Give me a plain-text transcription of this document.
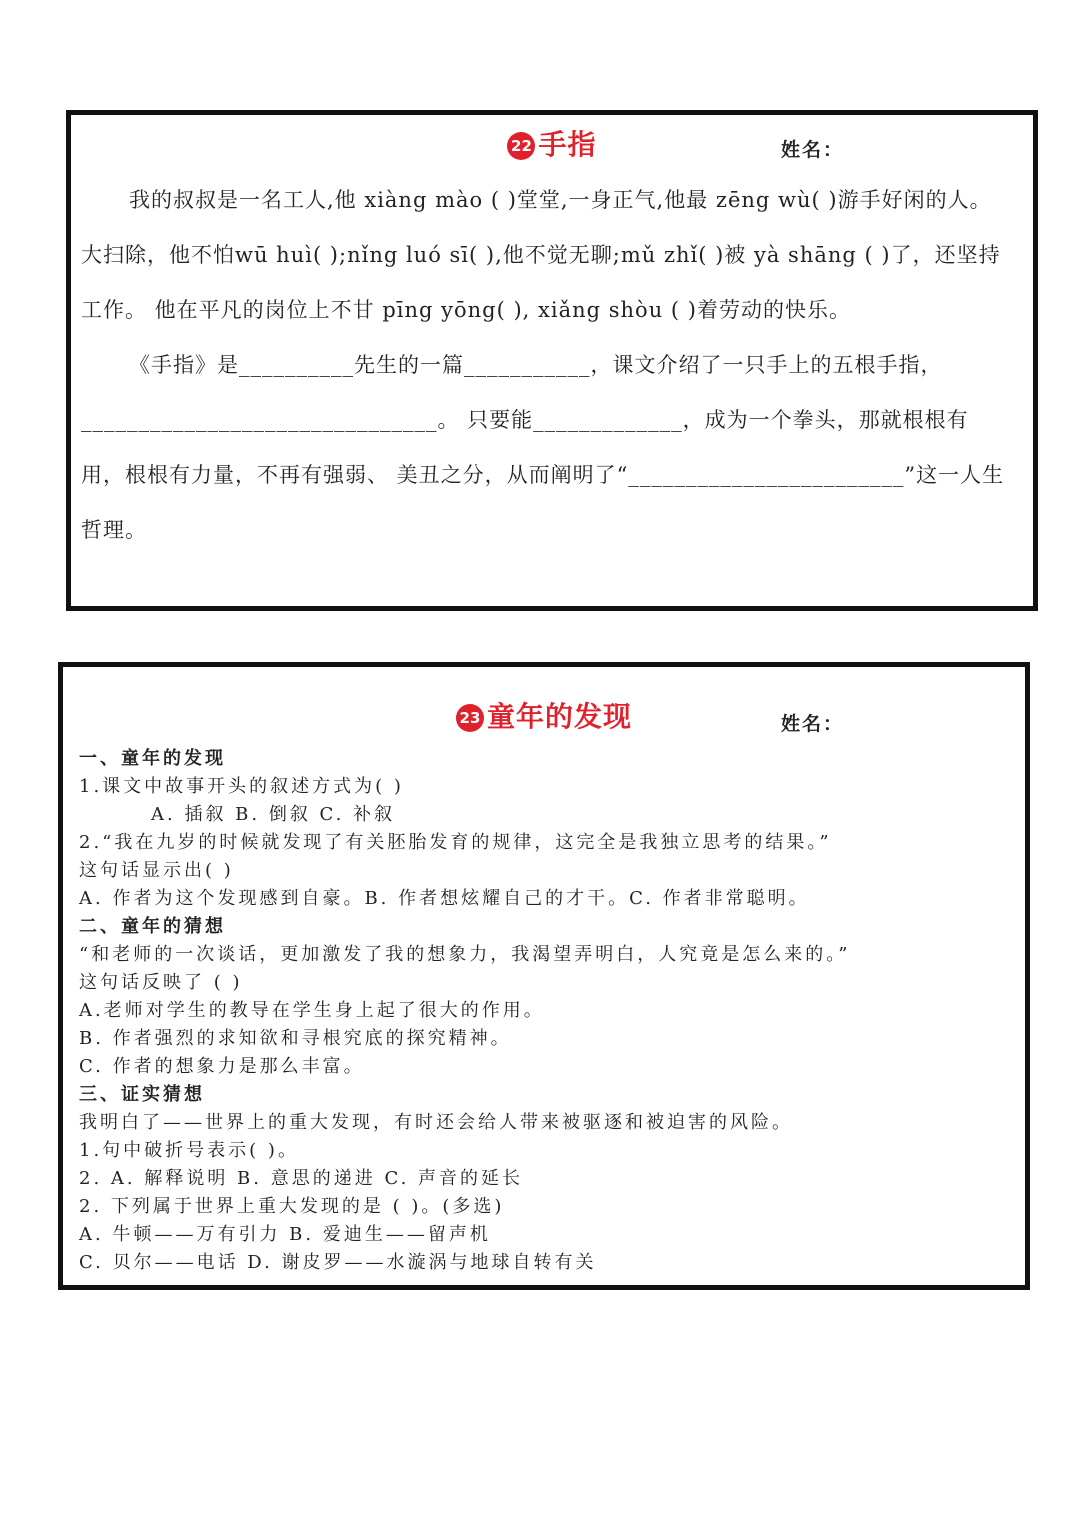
22 手指	姓名：

我的叔叔是一名工人,他 xiàng mào ( )堂堂,一身正气,他最 zēng wù( )游手好闲的人。大扫除，他不怕wū huì( );nǐng luó sī( ),他不觉无聊;mǔ zhǐ( )被 yà shāng ( )了，还坚持工作。 他在平凡的岗位上不甘 pīng yōng( ), xiǎng shòu ( )着劳动的快乐。

《手指》是__________先生的一篇___________，课文介绍了一只手上的五根手指，_______________________________。 只要能_____________，成为一个拳头，那就根根有用，根根有力量，不再有强弱、 美丑之分，从而阐明了“________________________”这一人生哲理。

23 童年的发现	姓名：
一、童年的发现
1.课文中故事开头的叙述方式为( )
A. 插叙 B. 倒叙 C. 补叙
2.“我在九岁的时候就发现了有关胚胎发育的规律，这完全是我独立思考的结果。”
这句话显示出( )
A. 作者为这个发现感到自豪。B. 作者想炫耀自己的才干。C. 作者非常聪明。
二、童年的猜想
“和老师的一次谈话，更加激发了我的想象力，我渴望弄明白，人究竟是怎么来的。”
这句话反映了 ( )
A.老师对学生的教导在学生身上起了很大的作用。
B. 作者强烈的求知欲和寻根究底的探究精神。
C. 作者的想象力是那么丰富。
三、证实猜想
我明白了——世界上的重大发现，有时还会给人带来被驱逐和被迫害的风险。
1.句中破折号表示( )。
2. A. 解释说明 B. 意思的递进 C. 声音的延长
2. 下列属于世界上重大发现的是 ( )。(多选)
A. 牛顿——万有引力 B. 爱迪生——留声机
C. 贝尔——电话 D. 谢皮罗——水漩涡与地球自转有关
